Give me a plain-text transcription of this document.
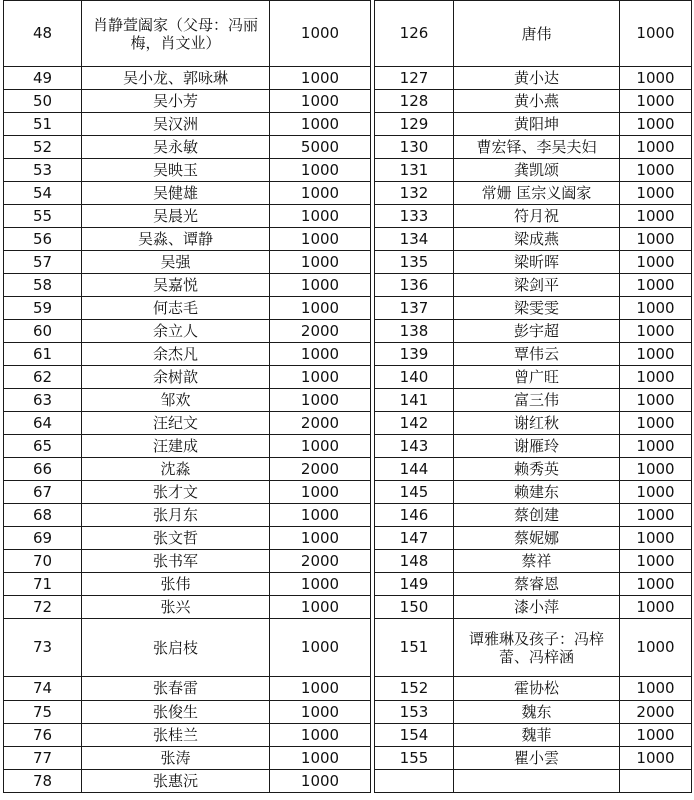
48	肖静萱阖家（父母：冯丽梅，肖文业）	1000
49	吴小龙、郭咏琳	1000
50	吴小芳	1000
51	吴汉洲	1000
52	吴永敏	5000
53	吴映玉	1000
54	吴健雄	1000
55	吴晨光	1000
56	吴淼、谭静	1000
57	吴强	1000
58	吴嘉悦	1000
59	何志毛	1000
60	余立人	2000
61	余杰凡	1000
62	余树歆	1000
63	邹欢	1000
64	汪纪文	2000
65	汪建成	1000
66	沈淼	2000
67	张才文	1000
68	张月东	1000
69	张文哲	1000
70	张书军	2000
71	张伟	1000
72	张兴	1000
73	张启枝	1000
74	张春雷	1000
75	张俊生	1000
76	张桂兰	1000
77	张涛	1000
78	张惠沅	1000
126	唐伟	1000
127	黄小达	1000
128	黄小燕	1000
129	黄阳坤	1000
130	曹宏铎、李吴夫妇	1000
131	龚凯颂	1000
132	常姗 匡宗义阖家	1000
133	符月祝	1000
134	梁成燕	1000
135	梁昕晖	1000
136	梁剑平	1000
137	梁雯雯	1000
138	彭宇超	1000
139	覃伟云	1000
140	曾广旺	1000
141	富三伟	1000
142	谢红秋	1000
143	谢雁玲	1000
144	赖秀英	1000
145	赖建东	1000
146	蔡创建	1000
147	蔡妮娜	1000
148	蔡祥	1000
149	蔡睿恩	1000
150	漆小萍	1000
151	谭雅琳及孩子：冯梓蕾、冯梓涵	1000
152	霍协松	1000
153	魏东	2000
154	魏菲	1000
155	瞿小雲	1000
